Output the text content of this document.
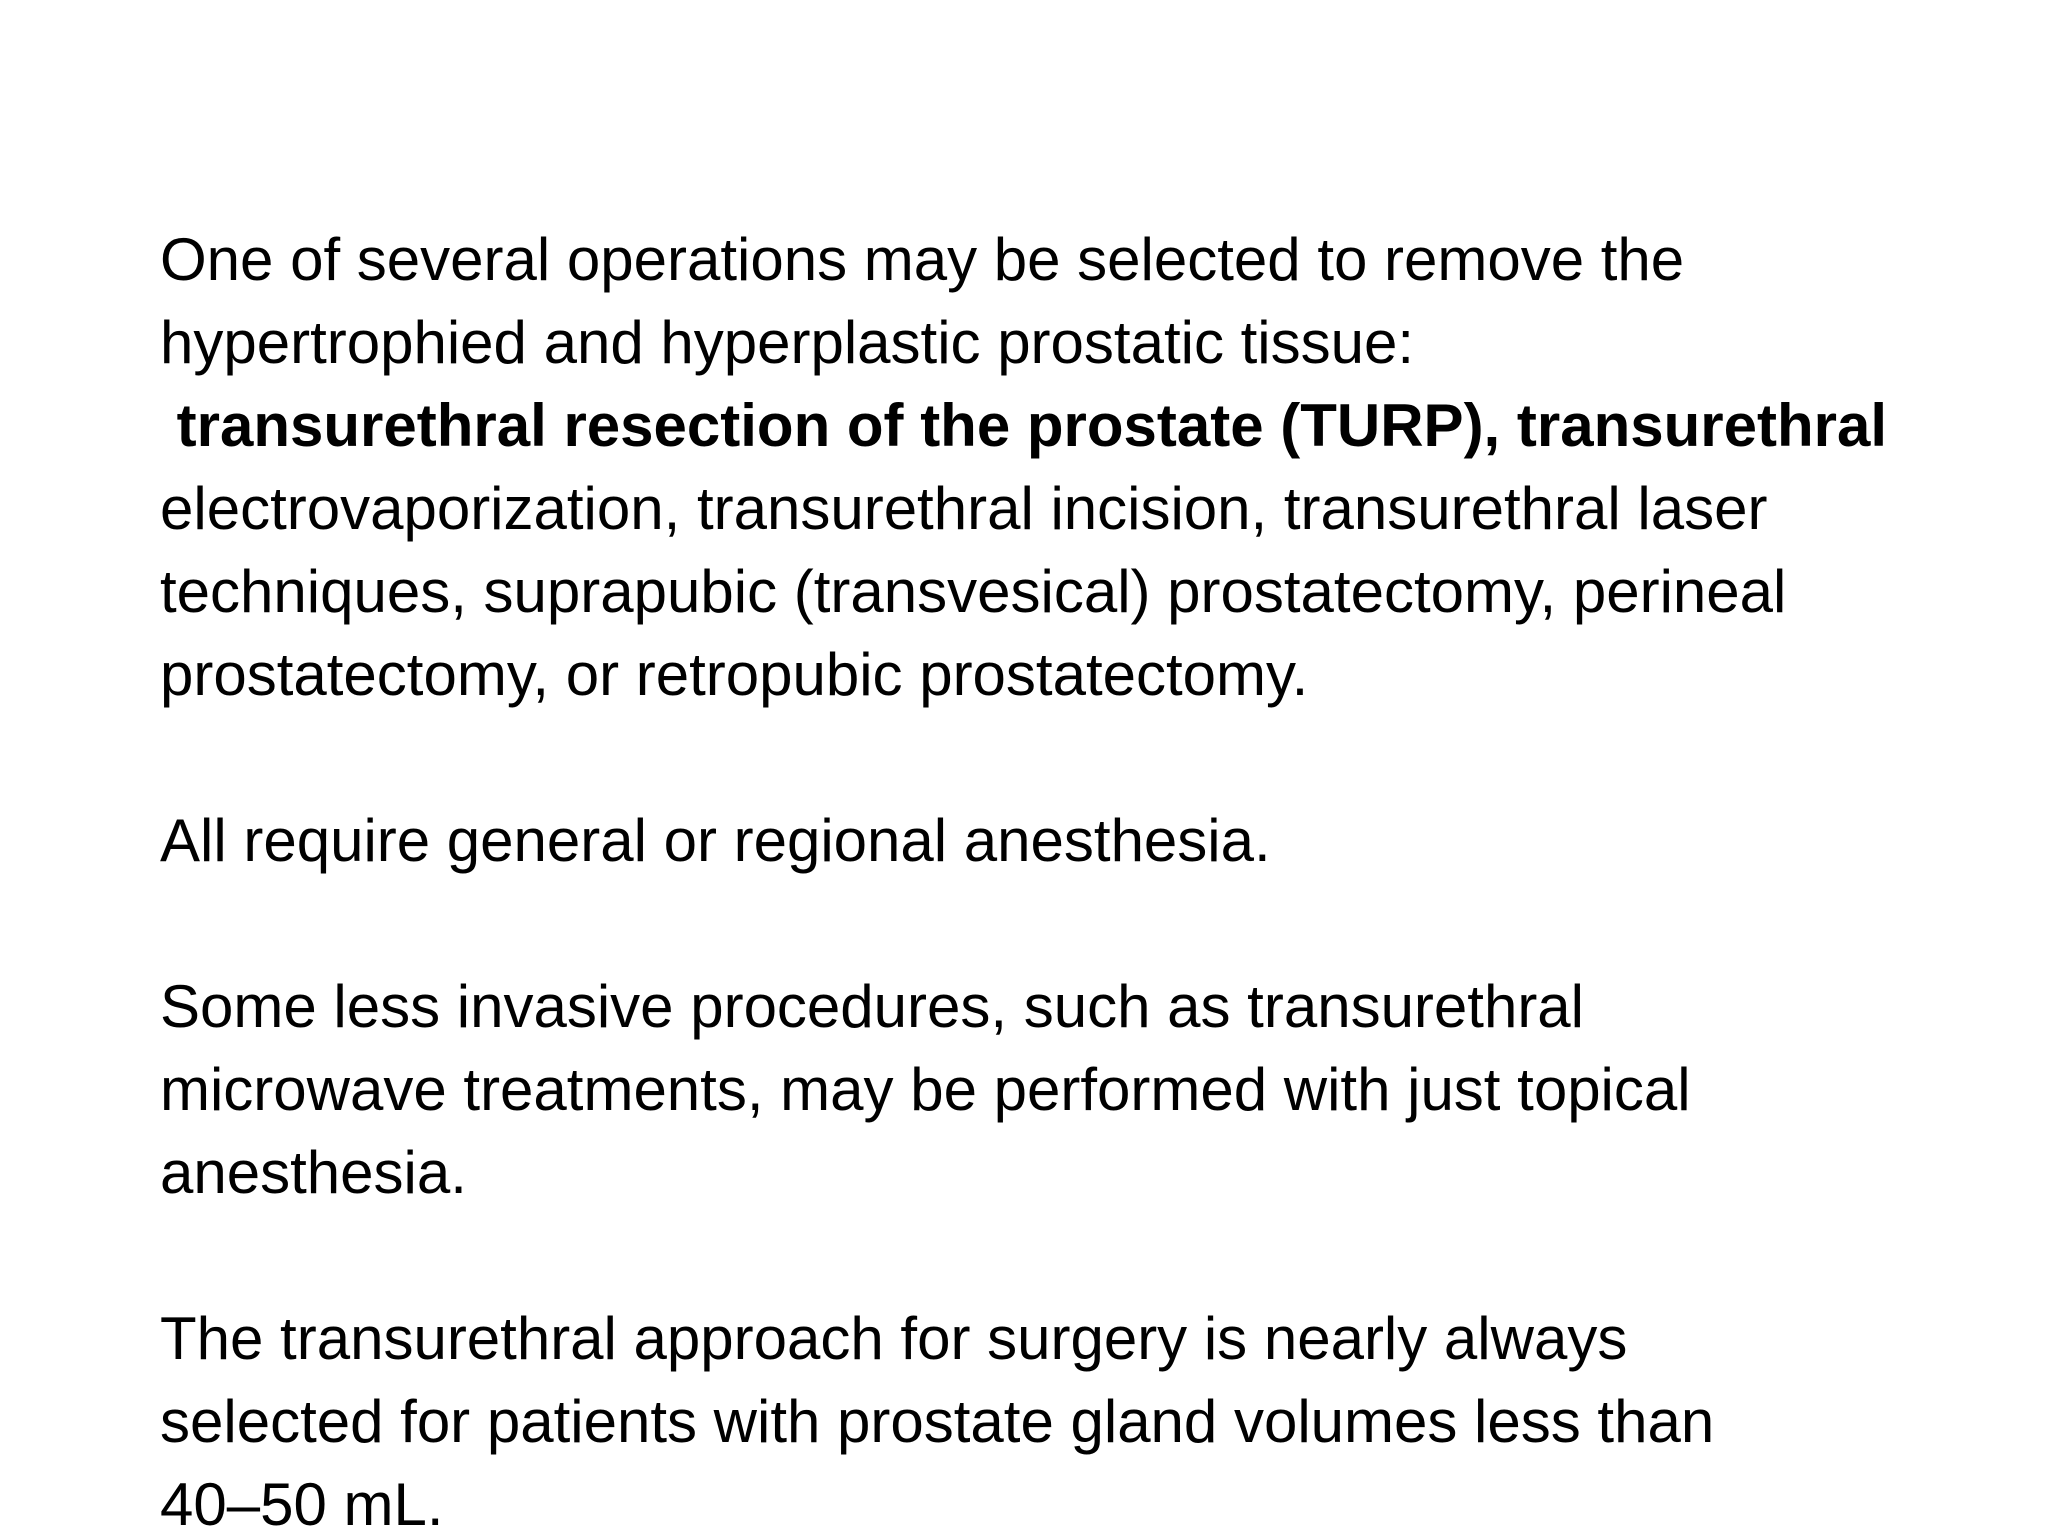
One of several operations may be selected to remove the
hypertrophied and hyperplastic prostatic tissue:
transurethral resection of the prostate (TURP), transurethral
electrovaporization, transurethral incision, transurethral laser
techniques, suprapubic (transvesical) prostatectomy, perineal
prostatectomy, or retropubic prostatectomy.
All require general or regional anesthesia.
Some less invasive procedures, such as transurethral
microwave treatments, may be performed with just topical
anesthesia.
The transurethral approach for surgery is nearly always
selected for patients with prostate gland volumes less than
40–50 mL.
